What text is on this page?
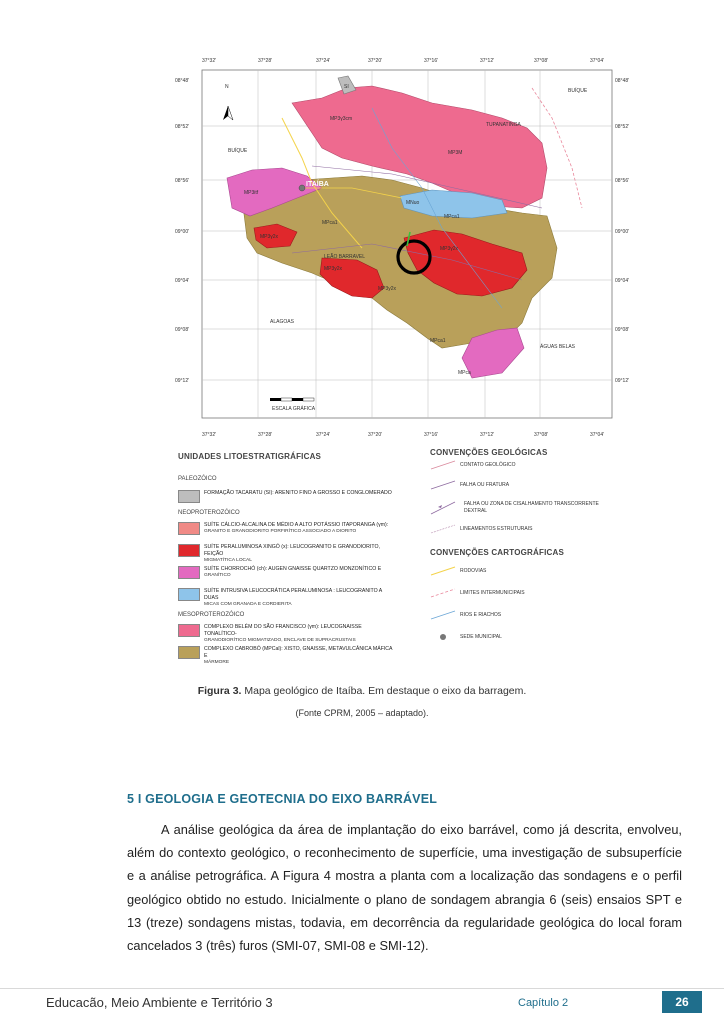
N
ESCALA GRÁFICA
37°32'	37°28'	37°24'	37°20'	37°16'	37°12'	37°08'	37°04'
37°32'	37°28'	37°24'	37°20'	37°16'	37°12'	37°08'	37°04'
08°48'
08°52'
08°56'
09°00'
09°04'
09°08'
09°12'
08°48'
08°52'
08°56'
09°00'
09°04'
09°08'
09°12'
BUÍQUE
BUÍQUE
TUPANATINGA
ITAÍBA
ALAGOAS
ÁGUAS BELAS
LEÃO BARRAVEL
SI
MP3γ3cm
MP3M
MP3itf
MPca1
MNuo
MPca1
MP3γ2x
MP3γ2x
MP3y2x
MP3y2x
MPca1
MPca
UNIDADES LITOESTRATIGRÁFICAS
PALEOZÓICO
FORMAÇÃO TACARATU (SI): ARENITO FINO A GROSSO E CONGLOMERADO
NEOPROTEROZÓICO
SUÍTE CÁLCIO-ALCALINA DE MÉDIO A ALTO POTÁSSIO ITAPORANGA (γm):
GRANITO E GRANODIORITO PORFIRÍTICO ASSOCIADO A DIORITO
SUÍTE PERALUMINOSA XINGÓ (x): LEUCOGRANITO E GRANODIORITO, FEIÇÃO
MIGMATÍTICA LOCAL
SUÍTE CHORROCHÓ (ch): AUGEN GNAISSE QUARTZO MONZONÍTICO E
GRANÍTICO
SUÍTE INTRUSIVA LEUCOCRÁTICA PERALUMINOSA : LEUCOGRANITO A DUAS
MICAS COM GRANADA E CORDIERITA
MESOPROTEROZÓICO
COMPLEXO BELÉM DO SÃO FRANCISCO (γm): LEUCOGNAISSE TONALÍTICO-
GRANODIORÍTICO MIGMATIZADO, ENCLAVE DE SUPRACRUSTAIS
COMPLEXO CABROBÓ (MPCal): XISTO, GNAISSE, METAVULCÂNICA MÁFICA E
MÁRMORE
CONVENÇÕES GEOLÓGICAS
CONTATO GEOLÓGICO
FALHA OU FRATURA
FALHA OU ZONA DE CISALHAMENTO TRANSCORRENTE
DEXTRAL
LINEAMENTOS ESTRUTURAIS
CONVENÇÕES CARTOGRÁFICAS
RODOVIAS
LIMITES INTERMUNICIPAIS
RIOS E RIACHOS
SEDE MUNICIPAL
Figura 3. Mapa geológico de Itaíba. Em destaque o eixo da barragem.
(Fonte CPRM, 2005 – adaptado).
5 I GEOLOGIA E GEOTECNIA DO EIXO BARRÁVEL
A análise geológica da área de implantação do eixo barrável, como já descrita, envolveu, além do contexto geológico, o reconhecimento de superfície, uma investigação de subsuperfície e a análise petrográfica. A Figura 4 mostra a planta com a localização das sondagens e o perfil geológico obtido no estudo. Inicialmente o plano de sondagem abrangia 6 (seis) ensaios SPT e 13 (treze) sondagens mistas, todavia, em decorrência da regularidade geológica do local foram cancelados 3 (três) furos (SMI-07, SMI-08 e SMI-12).
Educacão, Meio Ambiente e Território 3	Capítulo 2	26
